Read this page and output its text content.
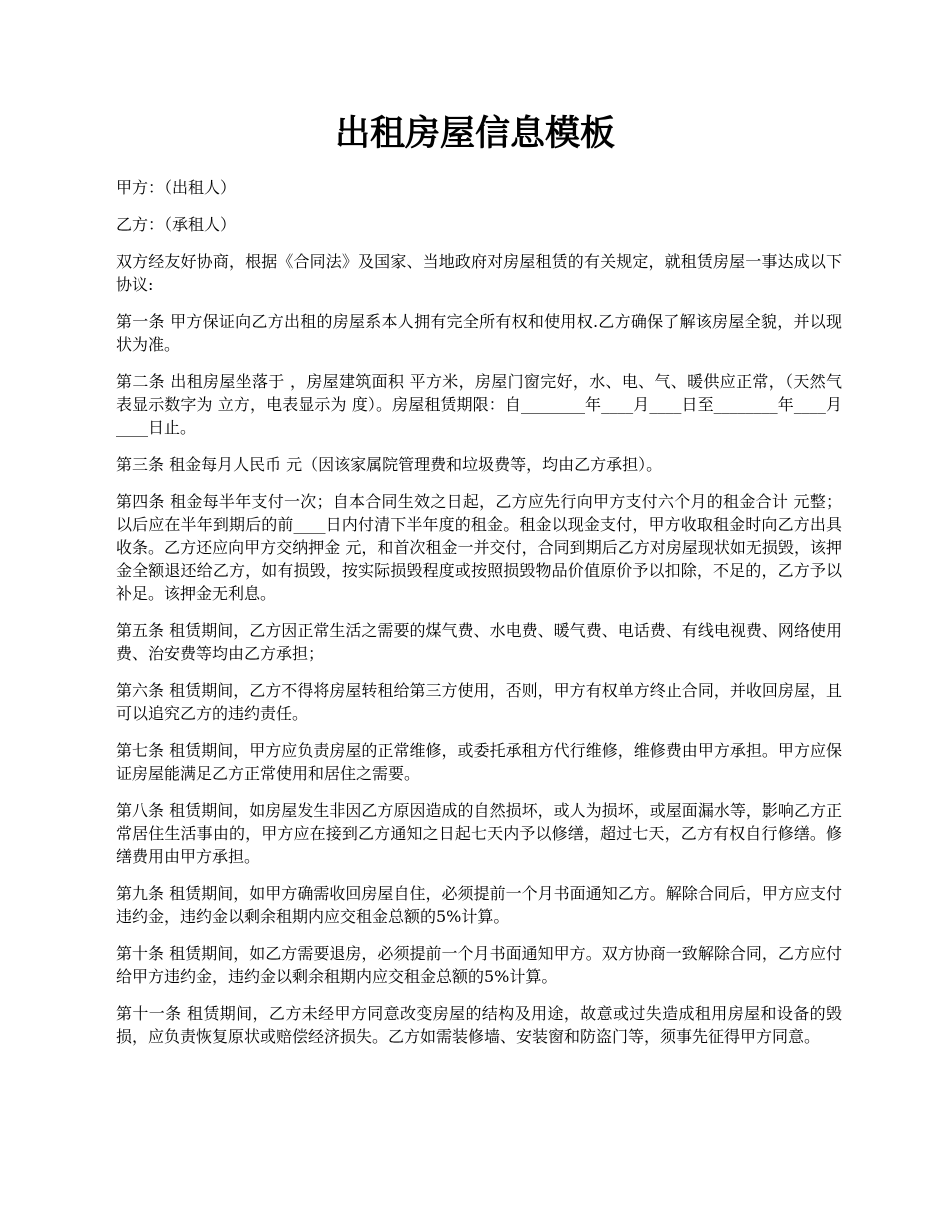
出租房屋信息模板

甲方：（出租人）

乙方：（承租人）

双方经友好协商，根据《合同法》及国家、当地政府对房屋租赁的有关规定，就租赁房屋一事达成以下协议:

第一条 甲方保证向乙方出租的房屋系本人拥有完全所有权和使用权.乙方确保了解该房屋全貌，并以现状为准。

第二条 出租房屋坐落于 ，房屋建筑面积 平方米，房屋门窗完好，水、电、气、暖供应正常，（天然气表显示数字为 立方，电表显示为 度）。房屋租赁期限：自________年____月____日至________年____月____日止。

第三条 租金每月人民币 元（因该家属院管理费和垃圾费等，均由乙方承担）。

第四条 租金每半年支付一次；自本合同生效之日起，乙方应先行向甲方支付六个月的租金合计 元整；以后应在半年到期后的前____日内付清下半年度的租金。租金以现金支付，甲方收取租金时向乙方出具收条。乙方还应向甲方交纳押金 元，和首次租金一并交付，合同到期后乙方对房屋现状如无损毁，该押金全额退还给乙方，如有损毁，按实际损毁程度或按照损毁物品价值原价予以扣除，不足的，乙方予以补足。该押金无利息。

第五条 租赁期间，乙方因正常生活之需要的煤气费、水电费、暖气费、电话费、有线电视费、网络使用费、治安费等均由乙方承担；

第六条 租赁期间，乙方不得将房屋转租给第三方使用，否则，甲方有权单方终止合同，并收回房屋，且可以追究乙方的违约责任。

第七条 租赁期间，甲方应负责房屋的正常维修，或委托承租方代行维修，维修费由甲方承担。甲方应保证房屋能满足乙方正常使用和居住之需要。

第八条 租赁期间，如房屋发生非因乙方原因造成的自然损坏，或人为损坏，或屋面漏水等，影响乙方正常居住生活事由的，甲方应在接到乙方通知之日起七天内予以修缮，超过七天，乙方有权自行修缮。修缮费用由甲方承担。

第九条 租赁期间，如甲方确需收回房屋自住，必须提前一个月书面通知乙方。解除合同后，甲方应支付违约金，违约金以剩余租期内应交租金总额的5%计算。

第十条 租赁期间，如乙方需要退房，必须提前一个月书面通知甲方。双方协商一致解除合同，乙方应付给甲方违约金，违约金以剩余租期内应交租金总额的5%计算。

第十一条 租赁期间，乙方未经甲方同意改变房屋的结构及用途，故意或过失造成租用房屋和设备的毁损，应负责恢复原状或赔偿经济损失。乙方如需装修墙、安装窗和防盗门等，须事先征得甲方同意。
